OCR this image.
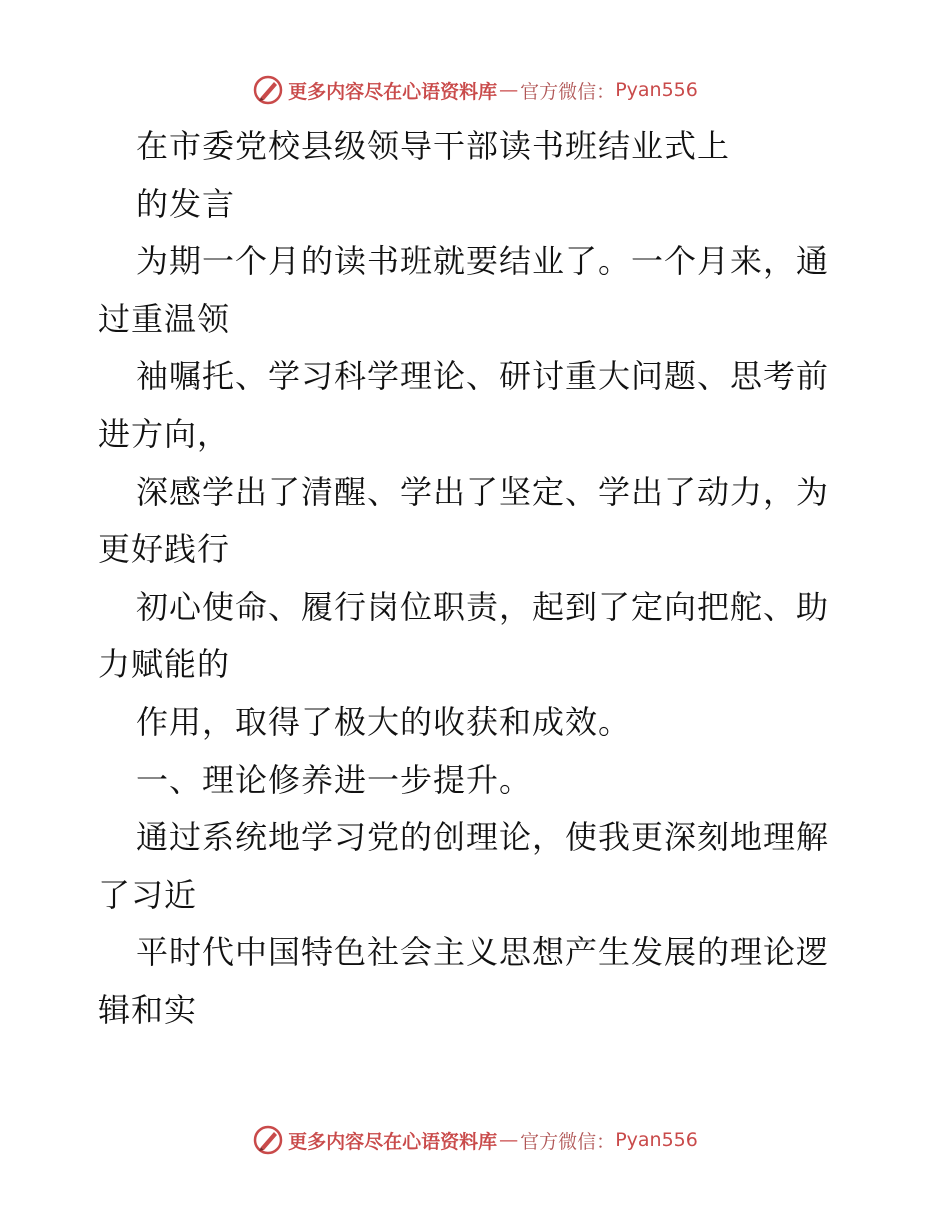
更多内容尽在心语资料库 — 官方微信： Pyan556
在市委党校县级领导干部读书班结业式上
的发言
为期一个月的读书班就要结业了。一个月来，通
过重温领
袖嘱托、学习科学理论、研讨重大问题、思考前
进方向，
深感学出了清醒、学出了坚定、学出了动力，为
更好践行
初心使命、履行岗位职责，起到了定向把舵、助
力赋能的
作用，取得了极大的收获和成效。
一、理论修养进一步提升。
通过系统地学习党的创理论，使我更深刻地理解
了习近
平时代中国特色社会主义思想产生发展的理论逻
辑和实
更多内容尽在心语资料库 — 官方微信： Pyan556
